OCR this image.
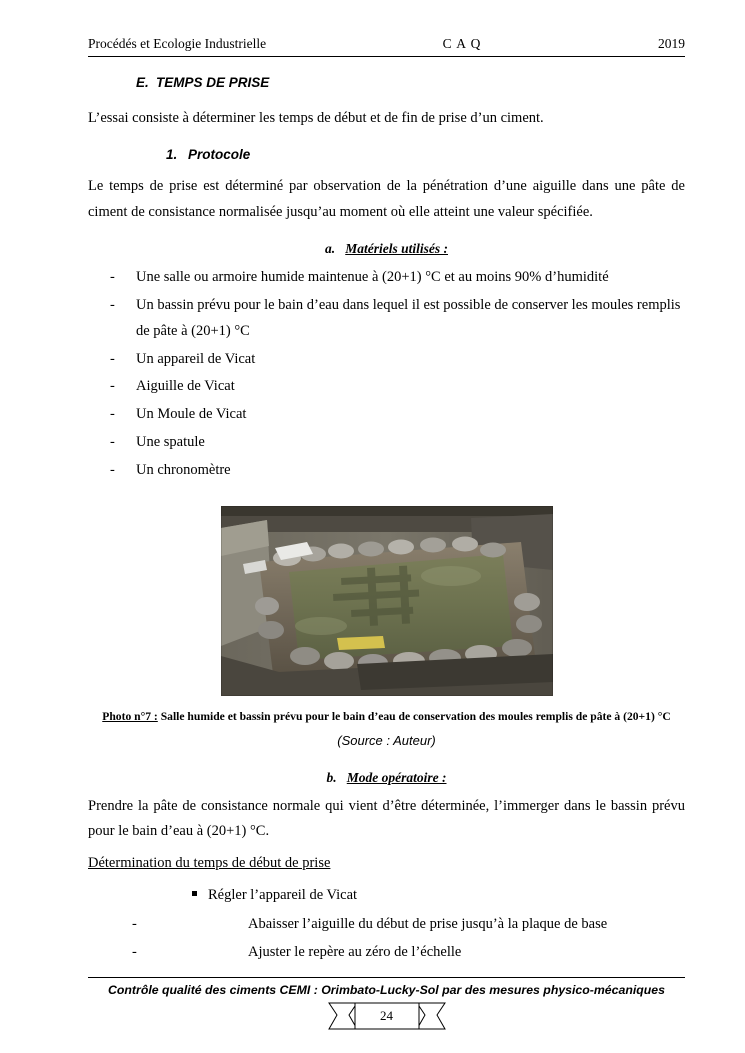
Procédés et Ecologie Industrielle	C A Q	2019
E. TEMPS DE PRISE

L’essai consiste à déterminer les temps de début et de fin de prise d’un ciment.

1. Protocole

Le temps de prise est déterminé par observation de la pénétration d’une aiguille dans une pâte de ciment de consistance normalisée jusqu’au moment où elle atteint une valeur spécifiée.

a. Matériels utilisés :
- Une salle ou armoire humide maintenue à (20+1) °C et au moins 90% d’humidité
- Un bassin prévu pour le bain d’eau dans lequel il est possible de conserver les moules remplis de pâte à (20+1) °C
- Un appareil de Vicat
- Aiguille de Vicat
- Un Moule de Vicat
- Une spatule
- Un chronomètre
Photo n°7 : Salle humide et bassin prévu pour le bain d’eau de conservation des moules remplis de pâte à (20+1) °C
(Source : Auteur)
b. Mode opératoire :

Prendre la pâte de consistance normale qui vient d’être déterminée, l’immerger dans le bassin prévu pour le bain d’eau à (20+1) °C.

Détermination du temps de début de prise

Régler l’appareil de Vicat
- Abaisser l’aiguille du début de prise jusqu’à la plaque de base
- Ajuster le repère au zéro de l’échelle
Contrôle qualité des ciments CEMI : Orimbato-Lucky-Sol par des mesures physico-mécaniques
24
